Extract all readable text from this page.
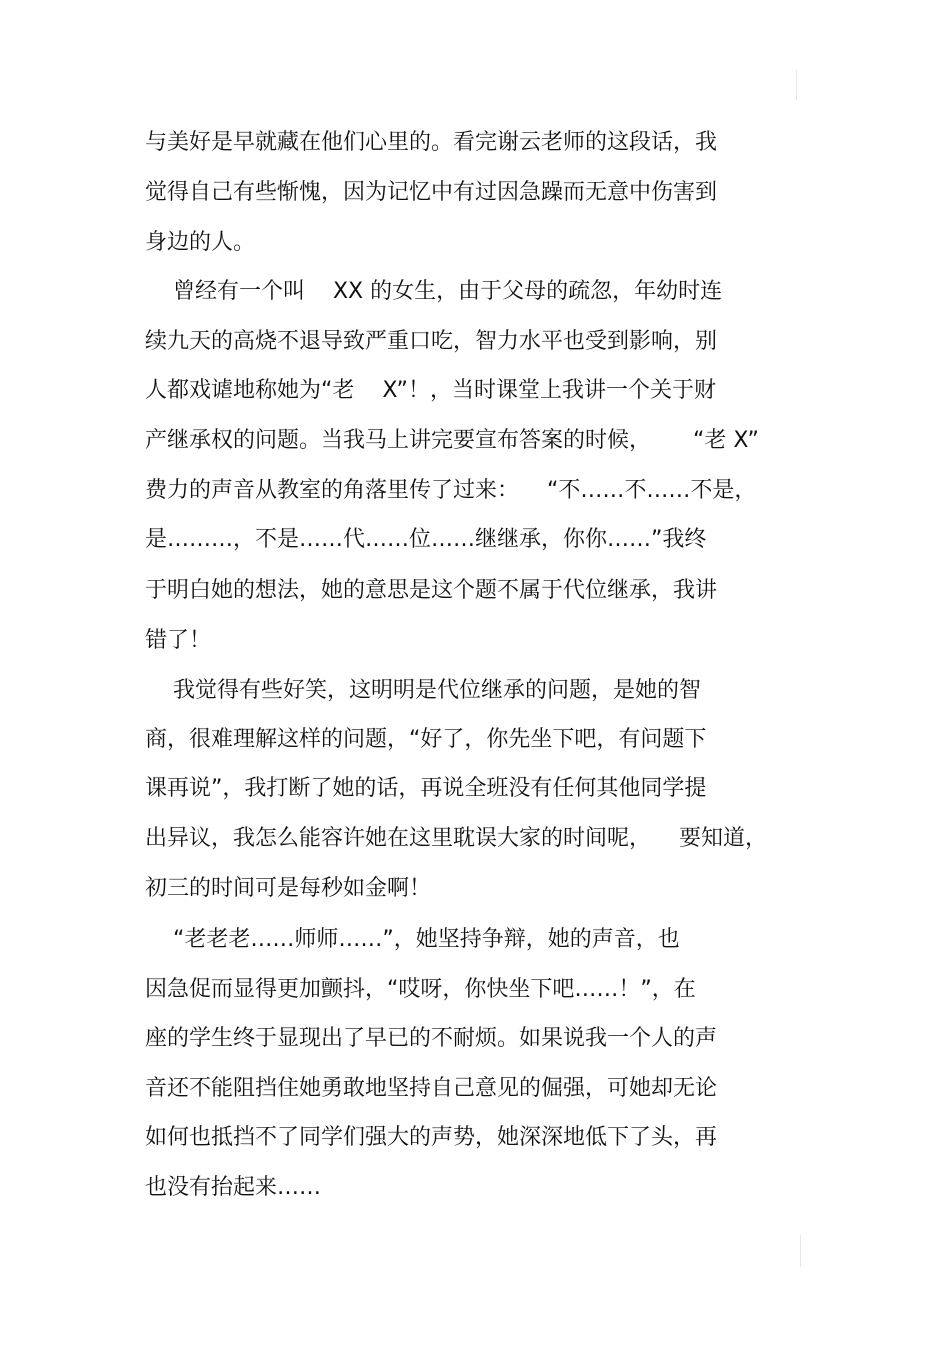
与美好是早就藏在他们心里的。看完谢云老师的这段话，我
觉得自己有些惭愧，因为记忆中有过因急躁而无意中伤害到
身边的人。
曾经有一个叫    XX 的女生，由于父母的疏忽，年幼时连
续九天的高烧不退导致严重口吃，智力水平也受到影响，别
人都戏谑地称她为“老    X”！，当时课堂上我讲一个关于财
产继承权的问题。当我马上讲完要宣布答案的时候，      “老 X”
费力的声音从教室的角落里传了过来：    “不……不……不是，
是………，不是……代……位……继继承，你你……”我终
于明白她的想法，她的意思是这个题不属于代位继承，我讲
错了！
我觉得有些好笑，这明明是代位继承的问题，是她的智
商，很难理解这样的问题，“好了，你先坐下吧，有问题下
课再说”，我打断了她的话，再说全班没有任何其他同学提
出异议，我怎么能容许她在这里耽误大家的时间呢，    要知道，
初三的时间可是每秒如金啊！
“老老老……师师……”，她坚持争辩，她的声音，也
因急促而显得更加颤抖，“哎呀，你快坐下吧……！”，在
座的学生终于显现出了早已的不耐烦。如果说我一个人的声
音还不能阻挡住她勇敢地坚持自己意见的倔强，可她却无论
如何也抵挡不了同学们强大的声势，她深深地低下了头，再
也没有抬起来……
